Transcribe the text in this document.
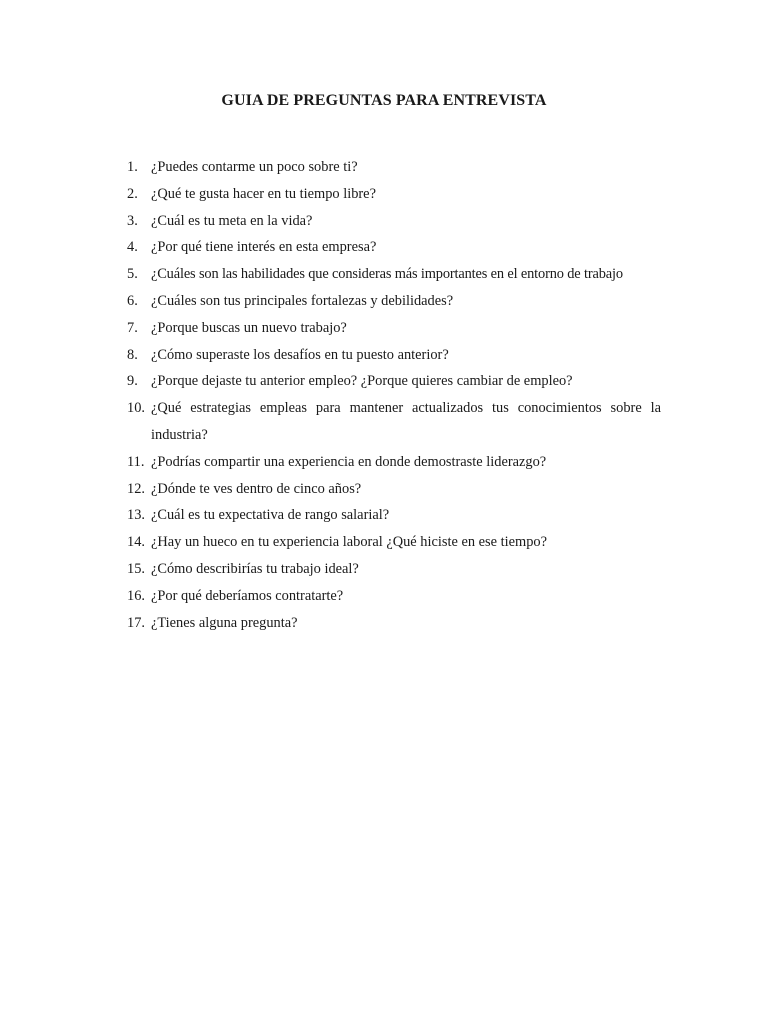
GUIA DE PREGUNTAS PARA ENTREVISTA
1. ¿Puedes contarme un poco sobre ti?
2. ¿Qué te gusta hacer en tu tiempo libre?
3. ¿Cuál es tu meta en la vida?
4. ¿Por qué tiene interés en esta empresa?
5. ¿Cuáles son las habilidades que consideras más importantes en el entorno de trabajo
6. ¿Cuáles son tus principales fortalezas y debilidades?
7. ¿Porque buscas un nuevo trabajo?
8. ¿Cómo superaste los desafíos en tu puesto anterior?
9. ¿Porque dejaste tu anterior empleo? ¿Porque quieres cambiar de empleo?
10. ¿Qué estrategias empleas para mantener actualizados tus conocimientos sobre la industria?
11. ¿Podrías compartir una experiencia en donde demostraste liderazgo?
12. ¿Dónde te ves dentro de cinco años?
13. ¿Cuál es tu expectativa de rango salarial?
14. ¿Hay un hueco en tu experiencia laboral ¿Qué hiciste en ese tiempo?
15. ¿Cómo describirías tu trabajo ideal?
16. ¿Por qué deberíamos contratarte?
17. ¿Tienes alguna pregunta?
